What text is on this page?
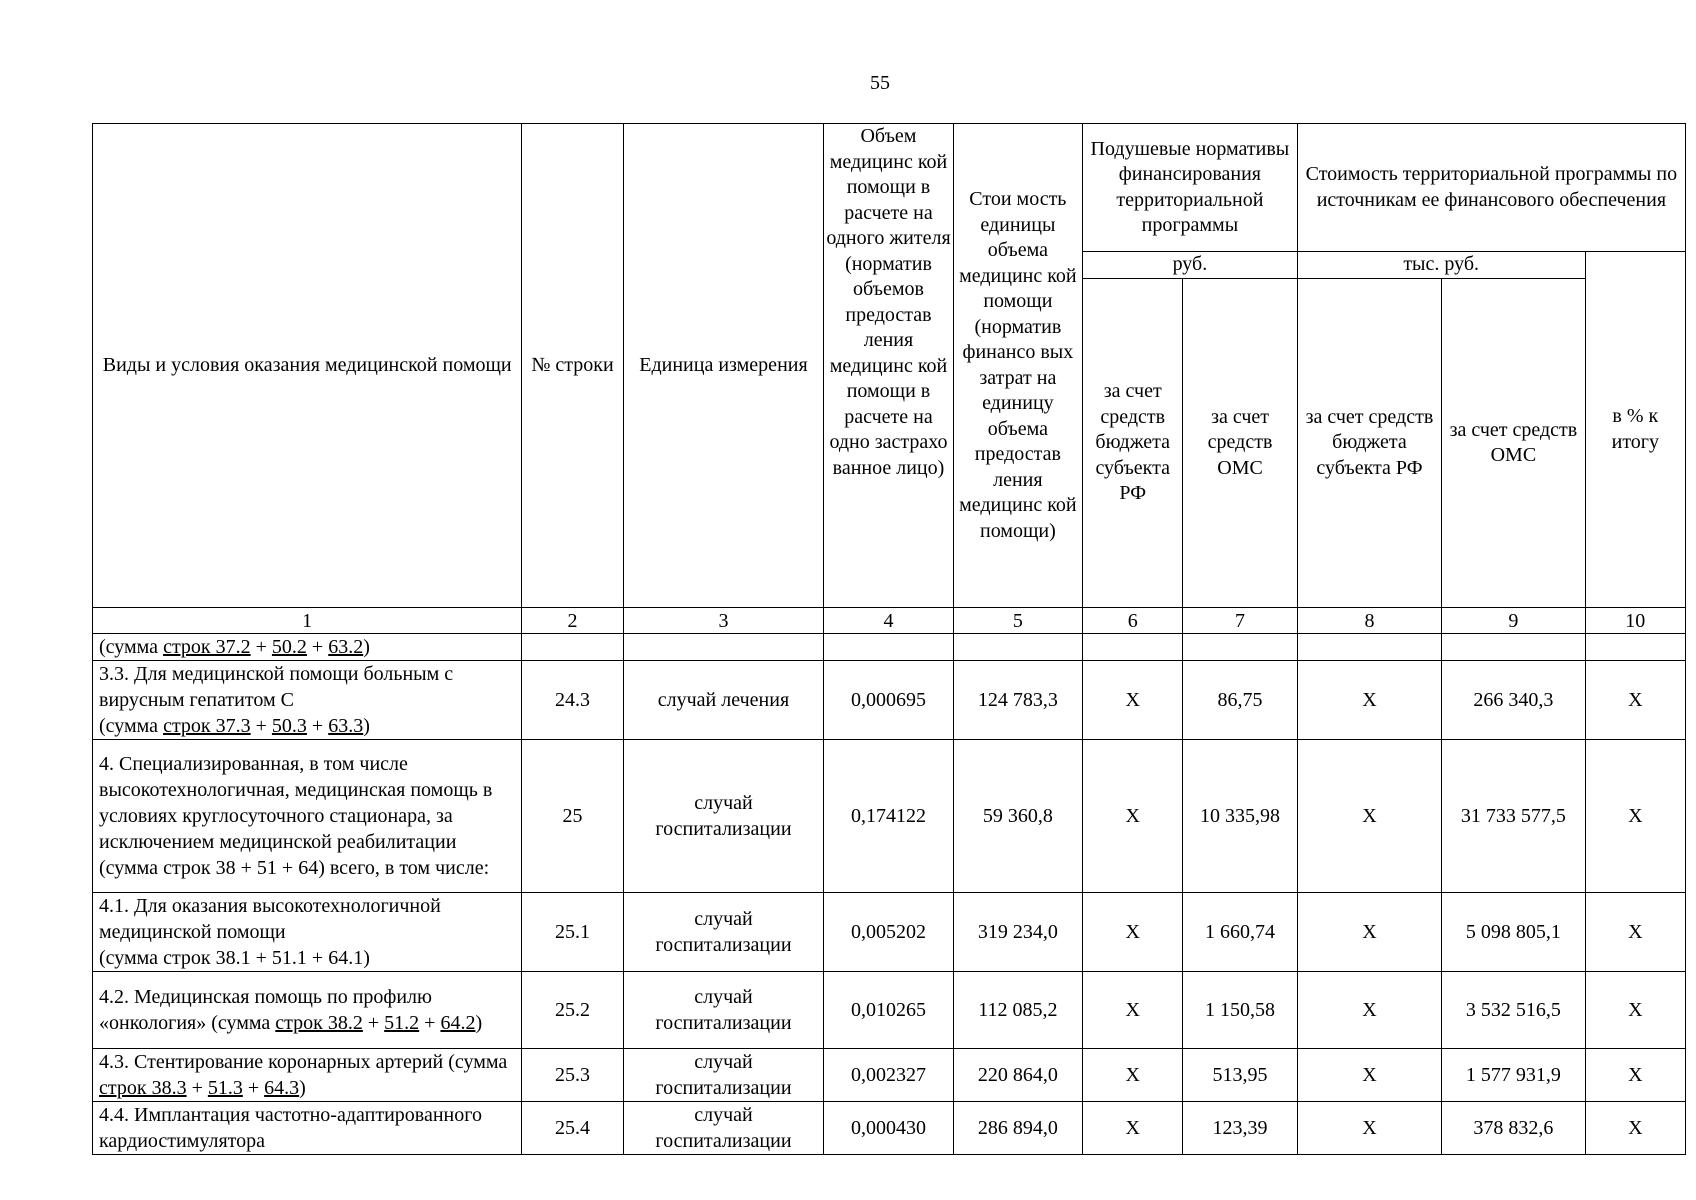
55
Виды и условия оказания медицинской помощи	№ строки	Единица измерения	Объем медицинс кой помощи в расчете на одного жителя (норматив объемов предостав ления медицинс кой помощи в расчете на одно застрахо ванное лицо)	Стои мость единицы объема медицинс кой помощи (норматив финансо вых затрат на единицу объема предостав ления медицинс кой помощи)	Подушевые нормативы финансирования территориальной программы		Стоимость территориальной программы по источникам ее финансового обеспечения		
					руб.		тыс. руб.		в % к итогу
					за счет средств бюджета субъекта РФ	за счет средств ОМС	за счет средств бюджета субъекта РФ	за счет средств ОМС	
1	2	3	4	5	6	7	8	9	10
(сумма строк 37.2 + 50.2 + 63.2)									
3.3. Для медицинской помощи больным с вирусным гепатитом С
(сумма строк 37.3 + 50.3 + 63.3)	24.3	случай лечения	0,000695	124 783,3	X	86,75	X	266 340,3	X
4. Специализированная, в том числе высокотехнологичная, медицинская помощь в условиях круглосуточного стационара, за исключением медицинской реабилитации (сумма строк 38 + 51 + 64) всего, в том числе:	25	случай госпитализации	0,174122	59 360,8	X	10 335,98	X	31 733 577,5	X
4.1. Для оказания высокотехнологичной медицинской помощи
(сумма строк 38.1 + 51.1 + 64.1)	25.1	случай госпитализации	0,005202	319 234,0	X	1 660,74	X	5 098 805,1	X
4.2. Медицинская помощь по профилю «онкология» (сумма строк 38.2 + 51.2 + 64.2)	25.2	случай госпитализации	0,010265	112 085,2	X	1 150,58	X	3 532 516,5	X
4.3. Стентирование коронарных артерий (сумма строк 38.3 + 51.3 + 64.3)	25.3	случай госпитализации	0,002327	220 864,0	X	513,95	X	1 577 931,9	X
4.4. Имплантация частотно-адаптированного кардиостимулятора	25.4	случай госпитализации	0,000430	286 894,0	X	123,39	X	378 832,6	X
